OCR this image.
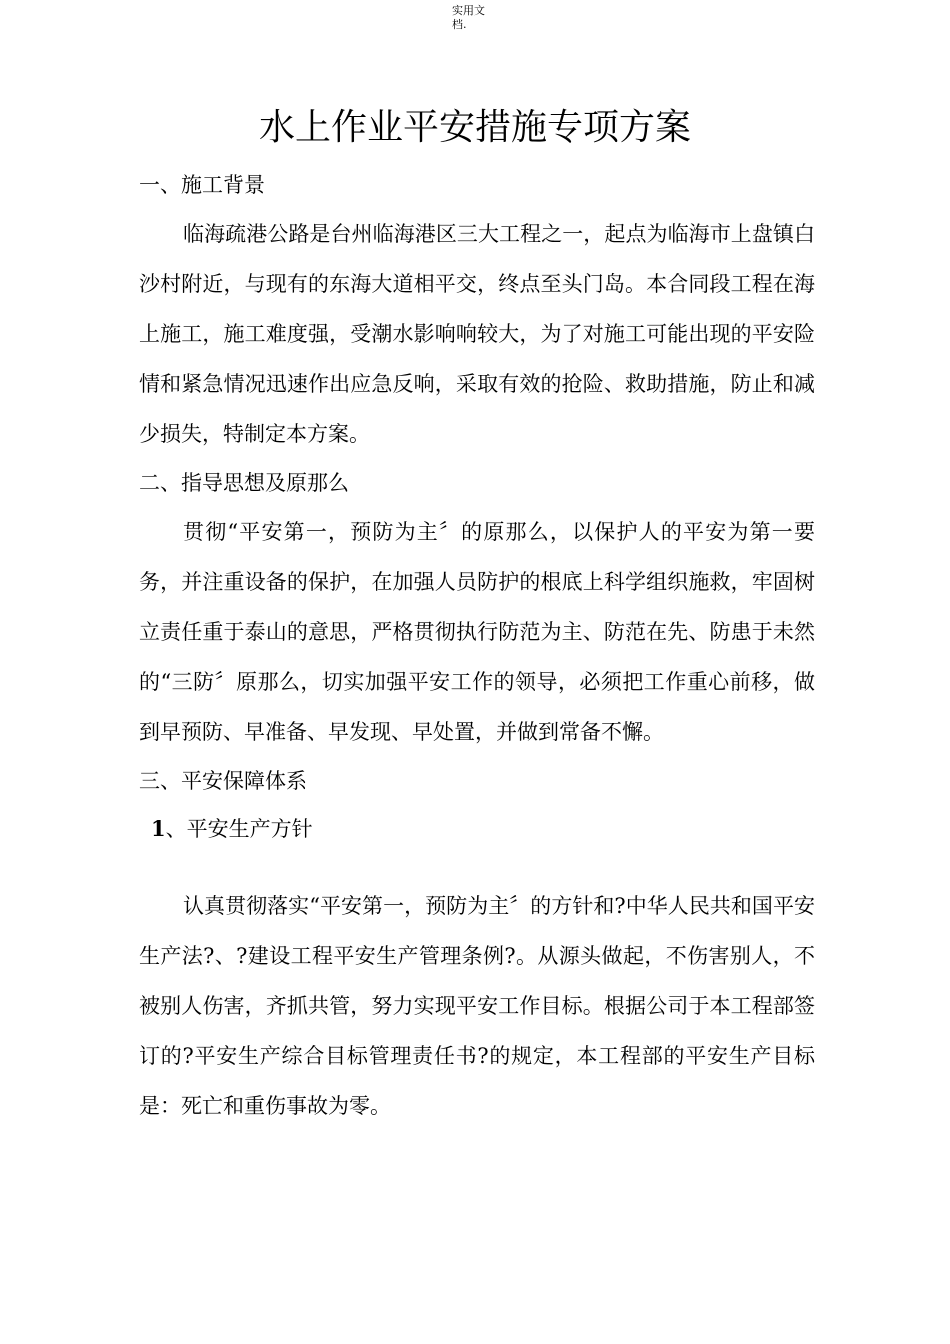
实用文档.
水上作业平安措施专项方案

一、施工背景

临海疏港公路是台州临海港区三大工程之一，起点为临海市上盘镇白沙村附近，与现有的东海大道相平交，终点至头门岛。本合同段工程在海上施工，施工难度强，受潮水影响响较大，为了对施工可能出现的平安险情和紧急情况迅速作出应急反响，采取有效的抢险、救助措施，防止和减少损失，特制定本方案。

二、指导思想及原那么

贯彻“平安第一，预防为主〞的原那么，以保护人的平安为第一要务，并注重设备的保护，在加强人员防护的根底上科学组织施救，牢固树立责任重于泰山的意思，严格贯彻执行防范为主、防范在先、防患于未然的“三防〞原那么，切实加强平安工作的领导，必须把工作重心前移，做到早预防、早准备、早发现、早处置，并做到常备不懈。

三、平安保障体系

1、平安生产方针

认真贯彻落实“平安第一，预防为主〞的方针和?中华人民共和国平安生产法?、?建设工程平安生产管理条例?。从源头做起，不伤害别人，不被别人伤害，齐抓共管，努力实现平安工作目标。根据公司于本工程部签订的?平安生产综合目标管理责任书?的规定，本工程部的平安生产目标是：死亡和重伤事故为零。
